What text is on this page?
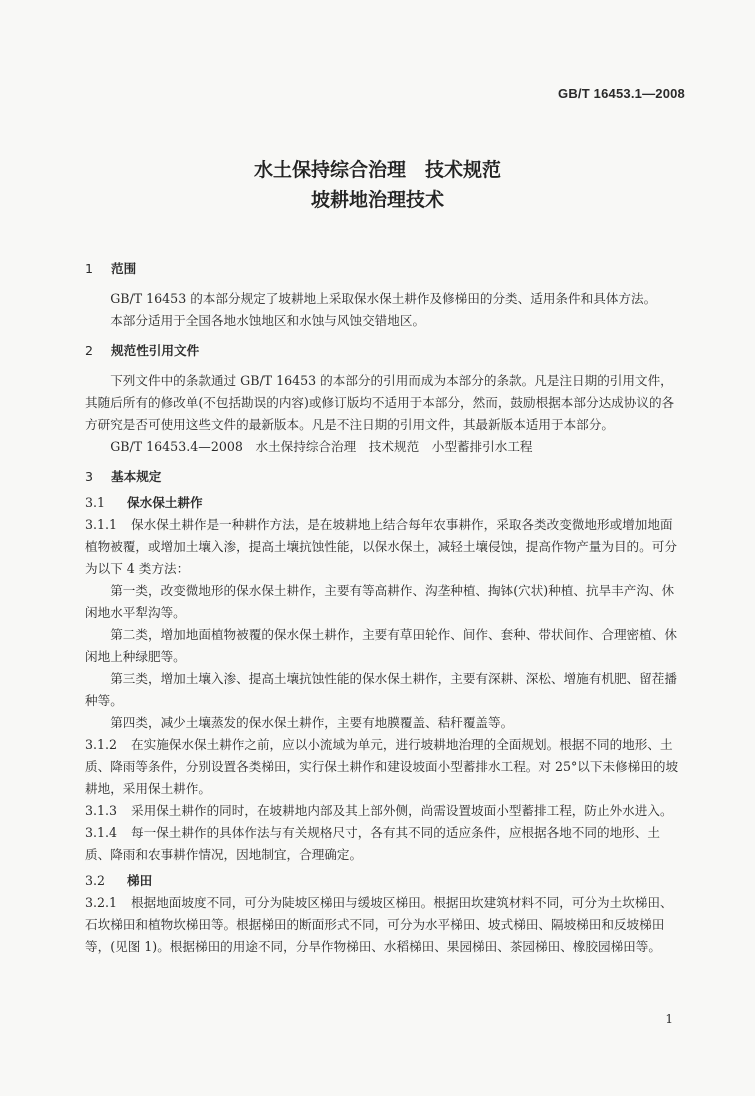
GB/T 16453.1—2008
水土保持综合治理　技术规范
坡耕地治理技术
1 范围

GB/T 16453 的本部分规定了坡耕地上采取保水保土耕作及修梯田的分类、适用条件和具体方法。

本部分适用于全国各地水蚀地区和水蚀与风蚀交错地区。

2 规范性引用文件

下列文件中的条款通过 GB/T 16453 的本部分的引用而成为本部分的条款。凡是注日期的引用文件，其随后所有的修改单(不包括勘误的内容)或修订版均不适用于本部分，然而，鼓励根据本部分达成协议的各方研究是否可使用这些文件的最新版本。凡是不注日期的引用文件，其最新版本适用于本部分。

GB/T 16453.4—2008　水土保持综合治理　技术规范　小型蓄排引水工程

3 基本规定
3.1 保水保土耕作

3.1.1 保水保土耕作是一种耕作方法，是在坡耕地上结合每年农事耕作，采取各类改变微地形或增加地面植物被覆，或增加土壤入渗，提高土壤抗蚀性能，以保水保土，减轻土壤侵蚀，提高作物产量为目的。可分为以下 4 类方法：

第一类，改变微地形的保水保土耕作，主要有等高耕作、沟垄种植、掏钵(穴状)种植、抗旱丰产沟、休闲地水平犁沟等。

第二类，增加地面植物被覆的保水保土耕作，主要有草田轮作、间作、套种、带状间作、合理密植、休闲地上种绿肥等。

第三类，增加土壤入渗、提高土壤抗蚀性能的保水保土耕作，主要有深耕、深松、增施有机肥、留茬播种等。

第四类，减少土壤蒸发的保水保土耕作，主要有地膜覆盖、秸秆覆盖等。

3.1.2 在实施保水保土耕作之前，应以小流域为单元，进行坡耕地治理的全面规划。根据不同的地形、土质、降雨等条件，分别设置各类梯田，实行保土耕作和建设坡面小型蓄排水工程。对 25°以下未修梯田的坡耕地，采用保土耕作。

3.1.3 采用保土耕作的同时，在坡耕地内部及其上部外侧，尚需设置坡面小型蓄排工程，防止外水进入。

3.1.4 每一保土耕作的具体作法与有关规格尺寸，各有其不同的适应条件，应根据各地不同的地形、土质、降雨和农事耕作情况，因地制宜，合理确定。

3.2 梯田

3.2.1 根据地面坡度不同，可分为陡坡区梯田与缓坡区梯田。根据田坎建筑材料不同，可分为土坎梯田、石坎梯田和植物坎梯田等。根据梯田的断面形式不同，可分为水平梯田、坡式梯田、隔坡梯田和反坡梯田等，(见图 1)。根据梯田的用途不同，分旱作物梯田、水稻梯田、果园梯田、茶园梯田、橡胶园梯田等。

1
